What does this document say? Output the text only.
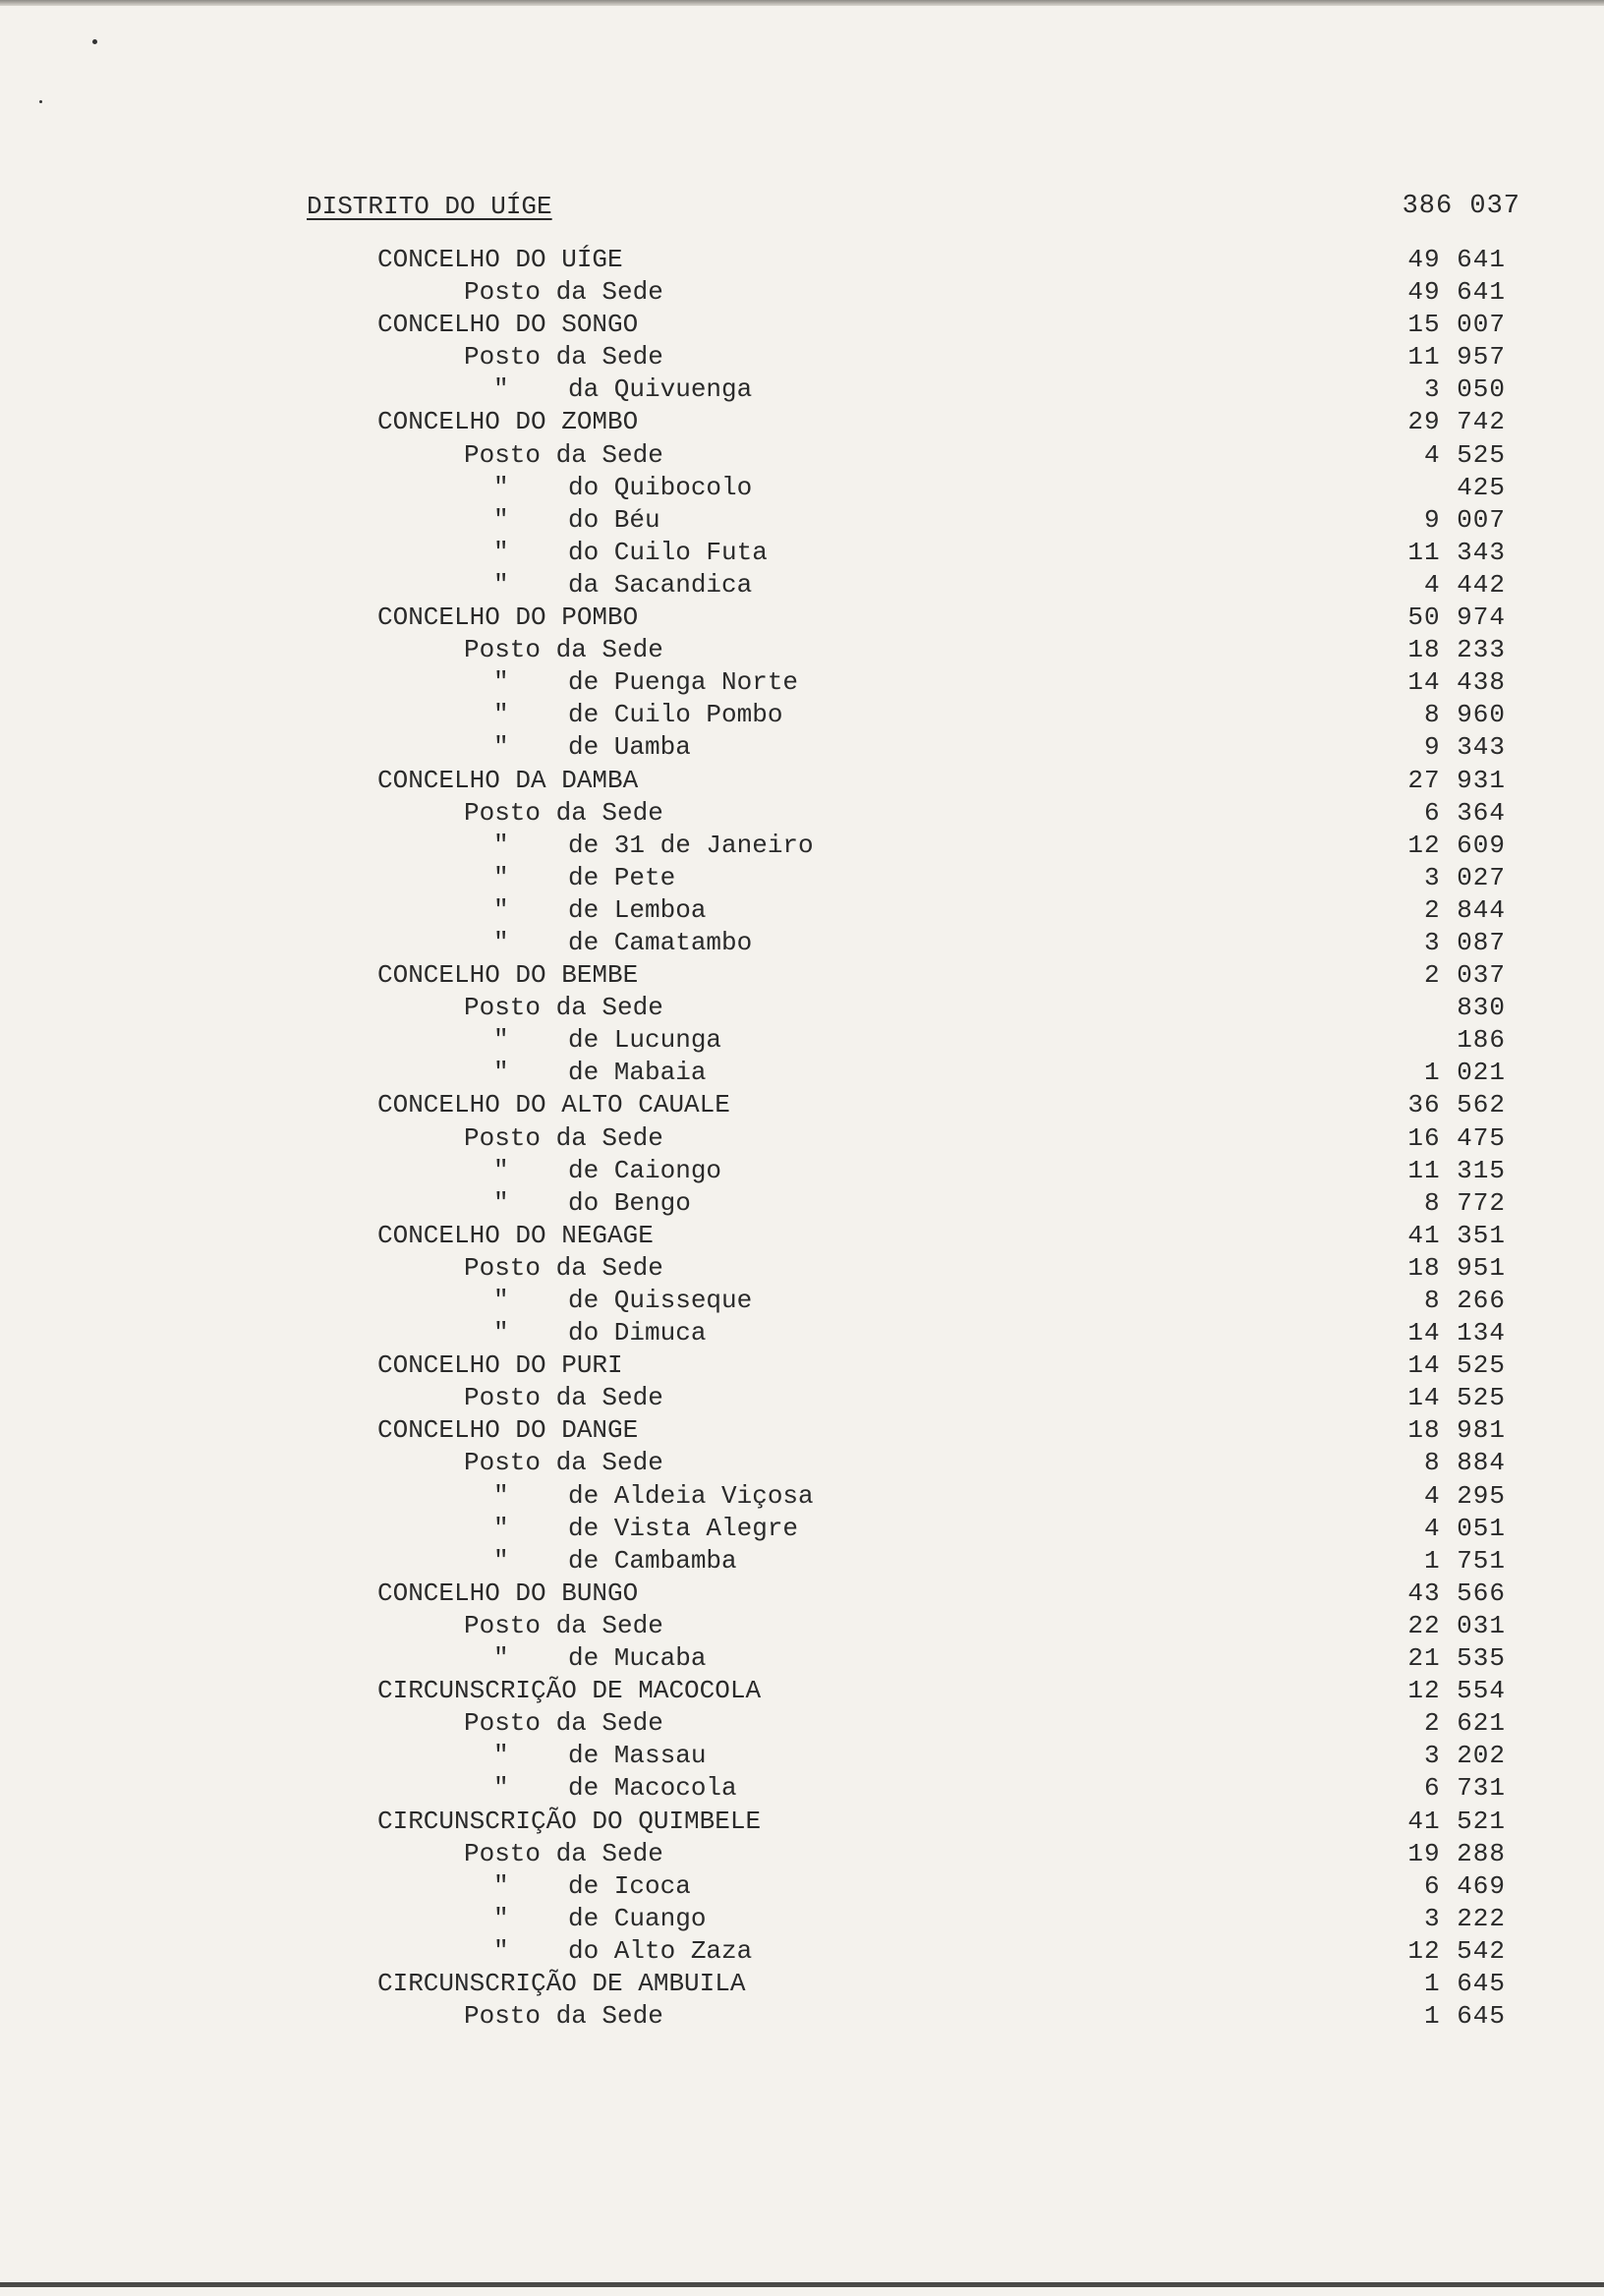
DISTRITO DO UÍGE	386 037
CONCELHO DO UÍGE	49 641
Posto da Sede	49 641
CONCELHO DO SONGO	15 007
Posto da Sede	11 957
" da Quivuenga	3 050
CONCELHO DO ZOMBO	29 742
Posto da Sede	4 525
" do Quibocolo	425
" do Béu	9 007
" do Cuilo Futa	11 343
" da Sacandica	4 442
CONCELHO DO POMBO	50 974
Posto da Sede	18 233
" de Puenga Norte	14 438
" de Cuilo Pombo	8 960
" de Uamba	9 343
CONCELHO DA DAMBA	27 931
Posto da Sede	6 364
" de 31 de Janeiro	12 609
" de Pete	3 027
" de Lemboa	2 844
" de Camatambo	3 087
CONCELHO DO BEMBE	2 037
Posto da Sede	830
" de Lucunga	186
" de Mabaia	1 021
CONCELHO DO ALTO CAUALE	36 562
Posto da Sede	16 475
" de Caiongo	11 315
" do Bengo	8 772
CONCELHO DO NEGAGE	41 351
Posto da Sede	18 951
" de Quisseque	8 266
" do Dimuca	14 134
CONCELHO DO PURI	14 525
Posto da Sede	14 525
CONCELHO DO DANGE	18 981
Posto da Sede	8 884
" de Aldeia Viçosa	4 295
" de Vista Alegre	4 051
" de Cambamba	1 751
CONCELHO DO BUNGO	43 566
Posto da Sede	22 031
" de Mucaba	21 535
CIRCUNSCRIÇÃO DE MACOCOLA	12 554
Posto da Sede	2 621
" de Massau	3 202
" de Macocola	6 731
CIRCUNSCRIÇÃO DO QUIMBELE	41 521
Posto da Sede	19 288
" de Icoca	6 469
" de Cuango	3 222
" do Alto Zaza	12 542
CIRCUNSCRIÇÃO DE AMBUILA	1 645
Posto da Sede	1 645
